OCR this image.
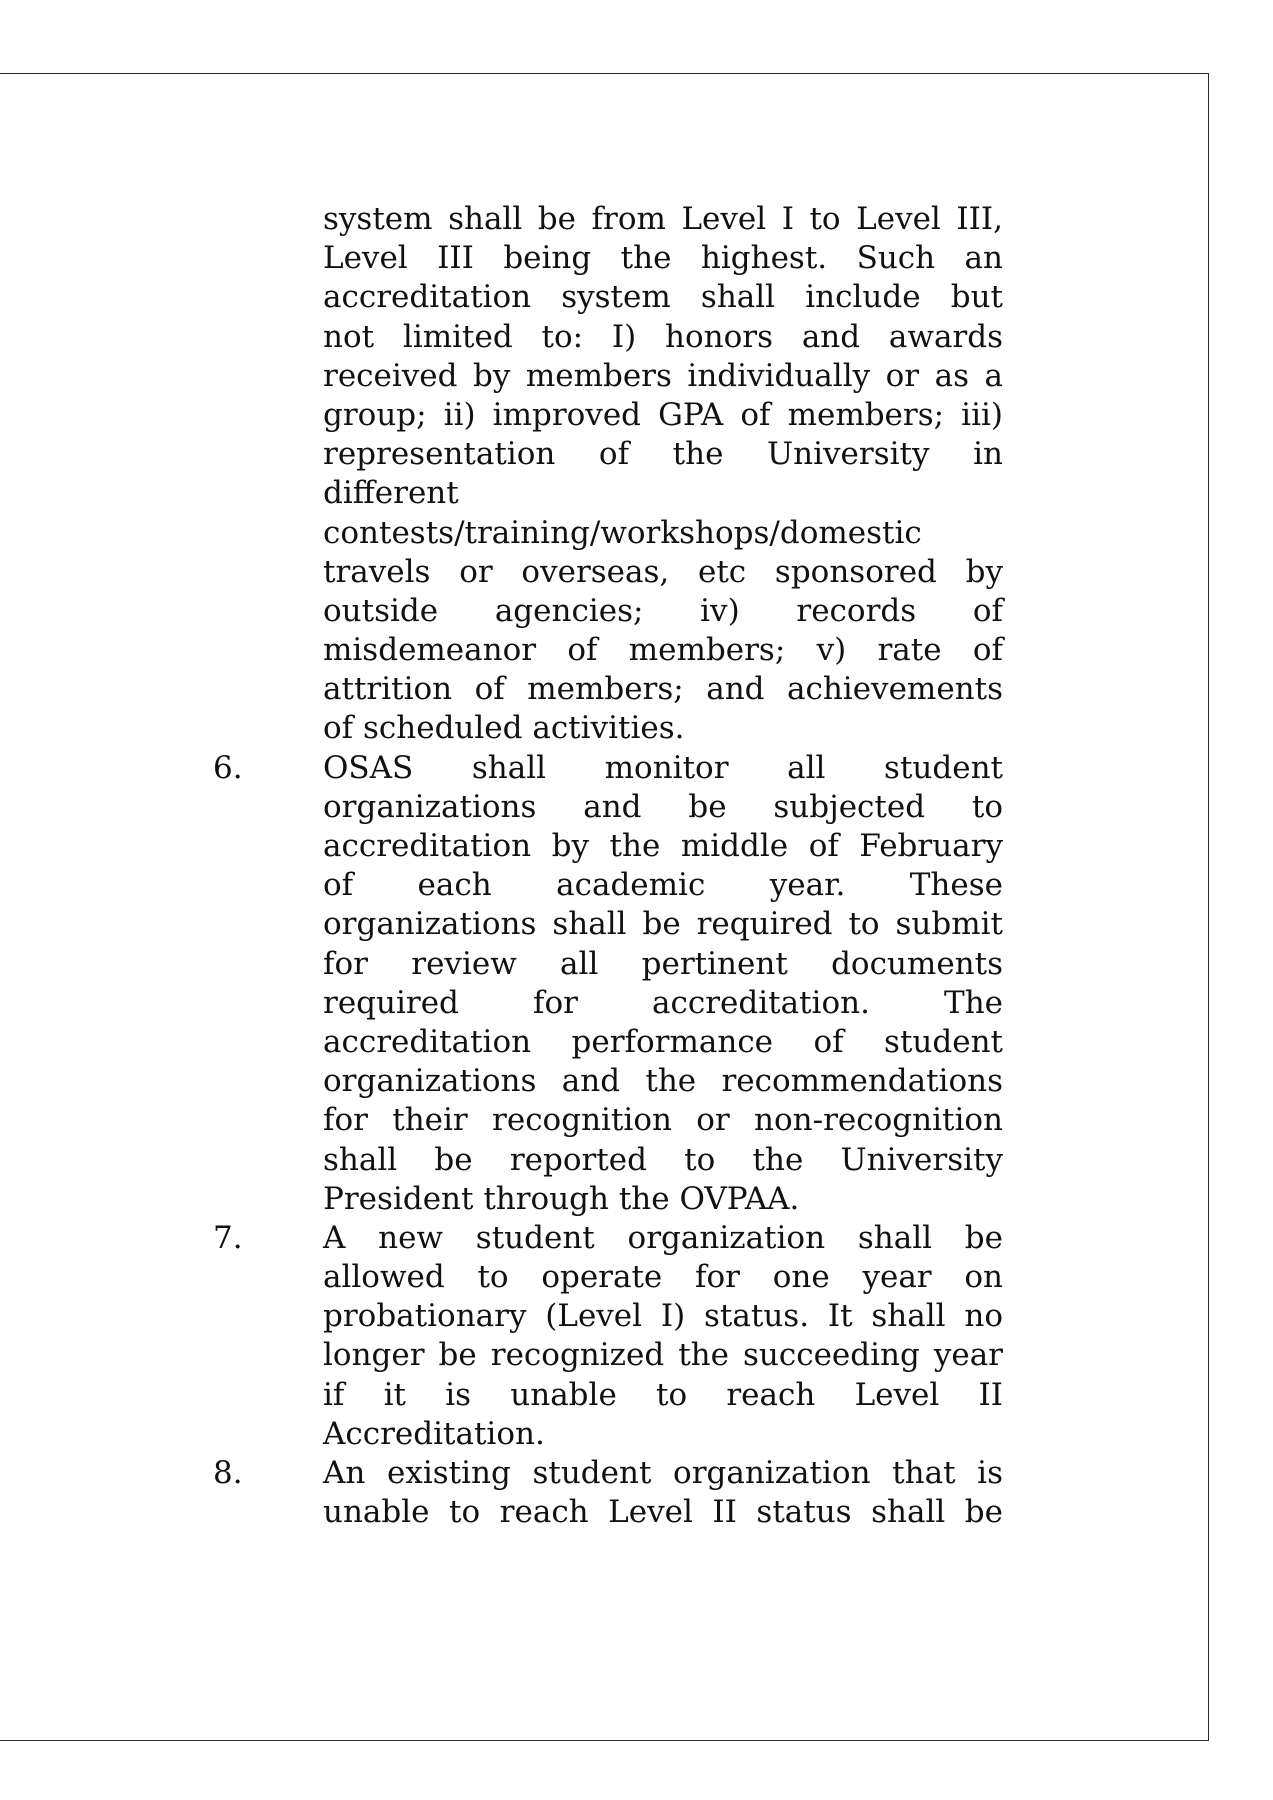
system shall be from Level I to Level III,
Level III being the highest. Such an
accreditation system shall include but
not limited to: I) honors and awards
received by members individually or as a
group; ii) improved GPA of members; iii)
representation of the University in
different
contests/training/workshops/domestic
travels or overseas, etc sponsored by
outside agencies; iv) records of
misdemeanor of members; v) rate of
attrition of members; and achievements
of scheduled activities.
6.	OSAS shall monitor all student
organizations and be subjected to
accreditation by the middle of February
of each academic year. These
organizations shall be required to submit
for review all pertinent documents
required for accreditation. The
accreditation performance of student
organizations and the recommendations
for their recognition or non-recognition
shall be reported to the University
President through the OVPAA.
7.	A new student organization shall be
allowed to operate for one year on
probationary (Level I) status. It shall no
longer be recognized the succeeding year
if it is unable to reach Level II
Accreditation.
8.	An existing student organization that is
unable to reach Level II status shall be
